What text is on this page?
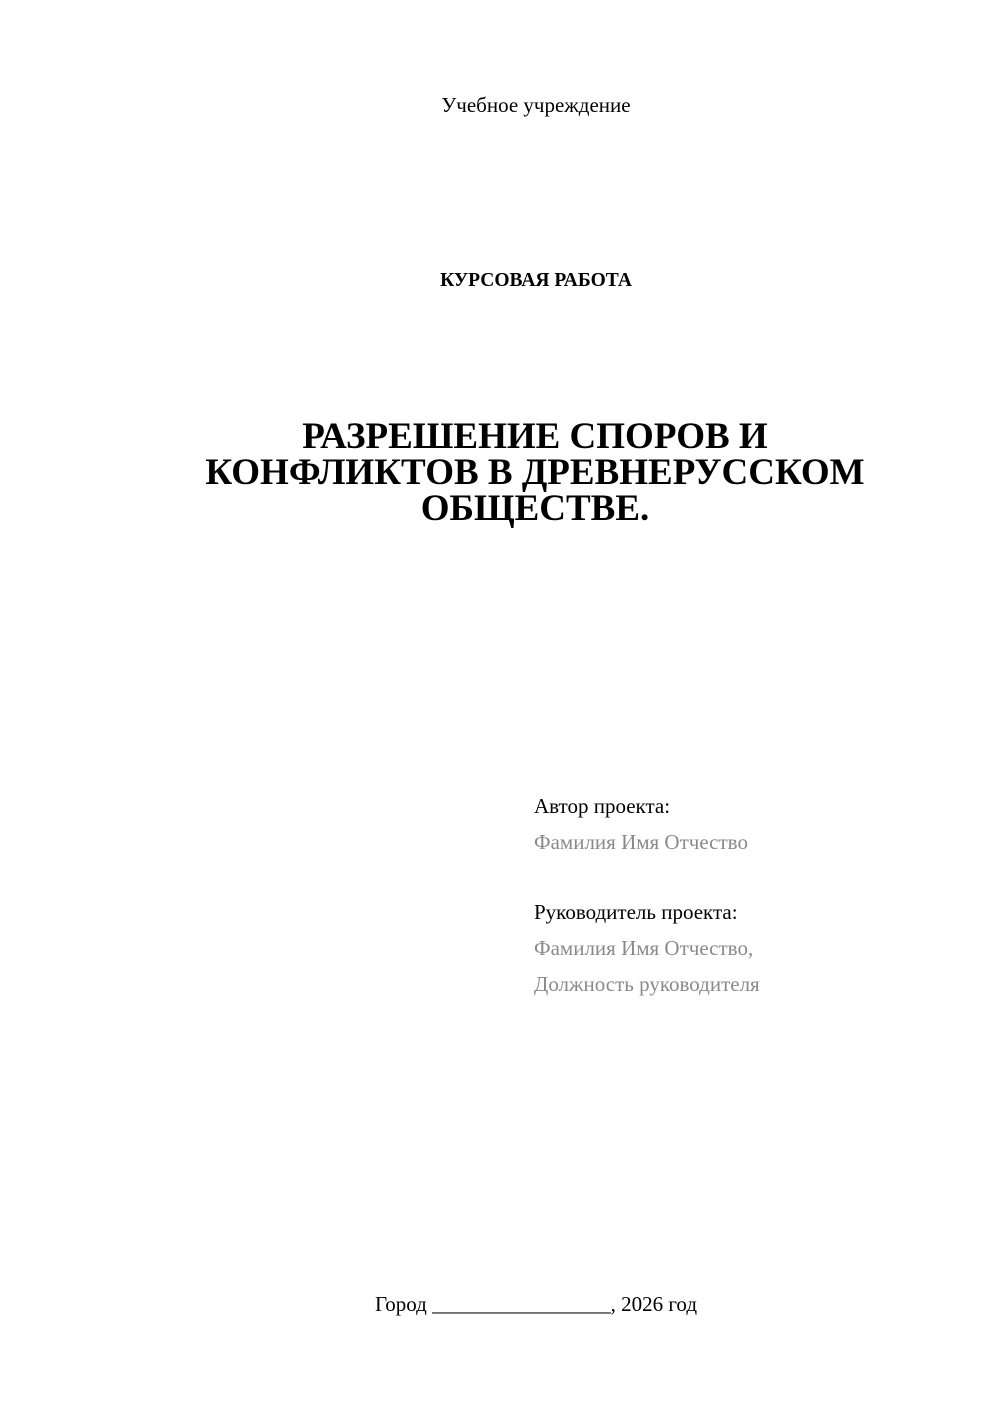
Учебное учреждение
КУРСОВАЯ РАБОТА
РАЗРЕШЕНИЕ СПОРОВ И
КОНФЛИКТОВ В ДРЕВНЕРУССКОМ
ОБЩЕСТВЕ.
Автор проекта:
Фамилия Имя Отчество
Руководитель проекта:
Фамилия Имя Отчество,
Должность руководителя
Город _________________, 2026 год
